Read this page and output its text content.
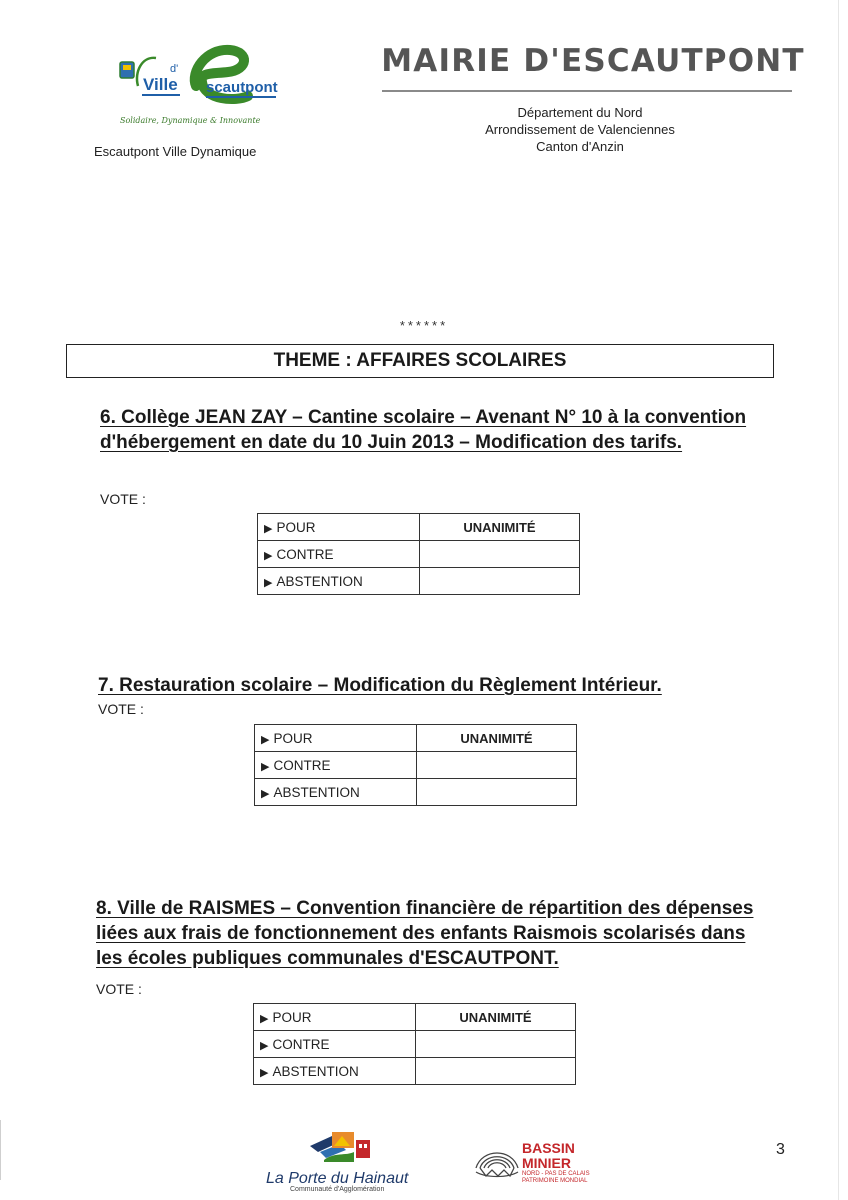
Ville
d'
scautpont
Solidaire, Dynamique & Innovante
Escautpont Ville Dynamique
MAIRIE D'ESCAUTPONT
Département du Nord
Arrondissement de Valenciennes
Canton d'Anzin
******
THEME : AFFAIRES SCOLAIRES
6. Collège JEAN ZAY – Cantine scolaire – Avenant N° 10 à la convention d'hébergement en date du 10 Juin 2013 – Modification des tarifs.
VOTE :
▶ POUR	UNANIMITÉ
▶ CONTRE	
▶ ABSTENTION	
7. Restauration scolaire – Modification du Règlement Intérieur.
VOTE :
▶ POUR	UNANIMITÉ
▶ CONTRE	
▶ ABSTENTION	
8. Ville de RAISMES – Convention financière de répartition des dépenses liées aux frais de fonctionnement des enfants Raismois scolarisés dans les écoles publiques communales d'ESCAUTPONT.
VOTE :
▶ POUR	UNANIMITÉ
▶ CONTRE	
▶ ABSTENTION	
La Porte du Hainaut
Communauté d'Agglomération
BASSIN
MINIER
NORD - PAS DE CALAIS
PATRIMOINE MONDIAL
3
